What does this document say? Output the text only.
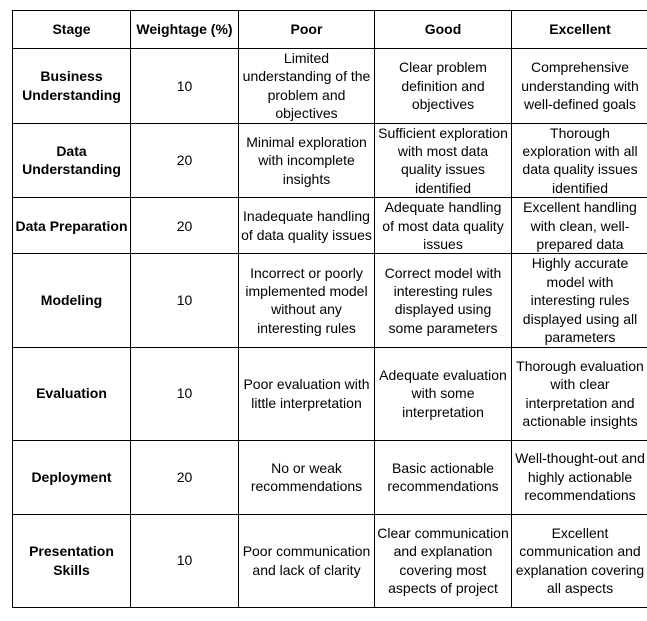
Stage	Weightage (%)	Poor	Good	Excellent
Business Understanding	10	Limited understanding of the problem and objectives	Clear problem definition and objectives	Comprehensive understanding with well-defined goals
Data Understanding	20	Minimal exploration with incomplete insights	Sufficient exploration with most data quality issues identified	Thorough exploration with all data quality issues identified
Data Preparation	20	Inadequate handling of data quality issues	Adequate handling of most data quality issues	Excellent handling with clean, well-prepared data
Modeling	10	Incorrect or poorly implemented model without any interesting rules	Correct model with interesting rules displayed using some parameters	Highly accurate model with interesting rules displayed using all parameters
Evaluation	10	Poor evaluation with little interpretation	Adequate evaluation with some interpretation	Thorough evaluation with clear interpretation and actionable insights
Deployment	20	No or weak recommendations	Basic actionable recommendations	Well-thought-out and highly actionable recommendations
Presentation Skills	10	Poor communication and lack of clarity	Clear communication and explanation covering most aspects of project	Excellent communication and explanation covering all aspects
